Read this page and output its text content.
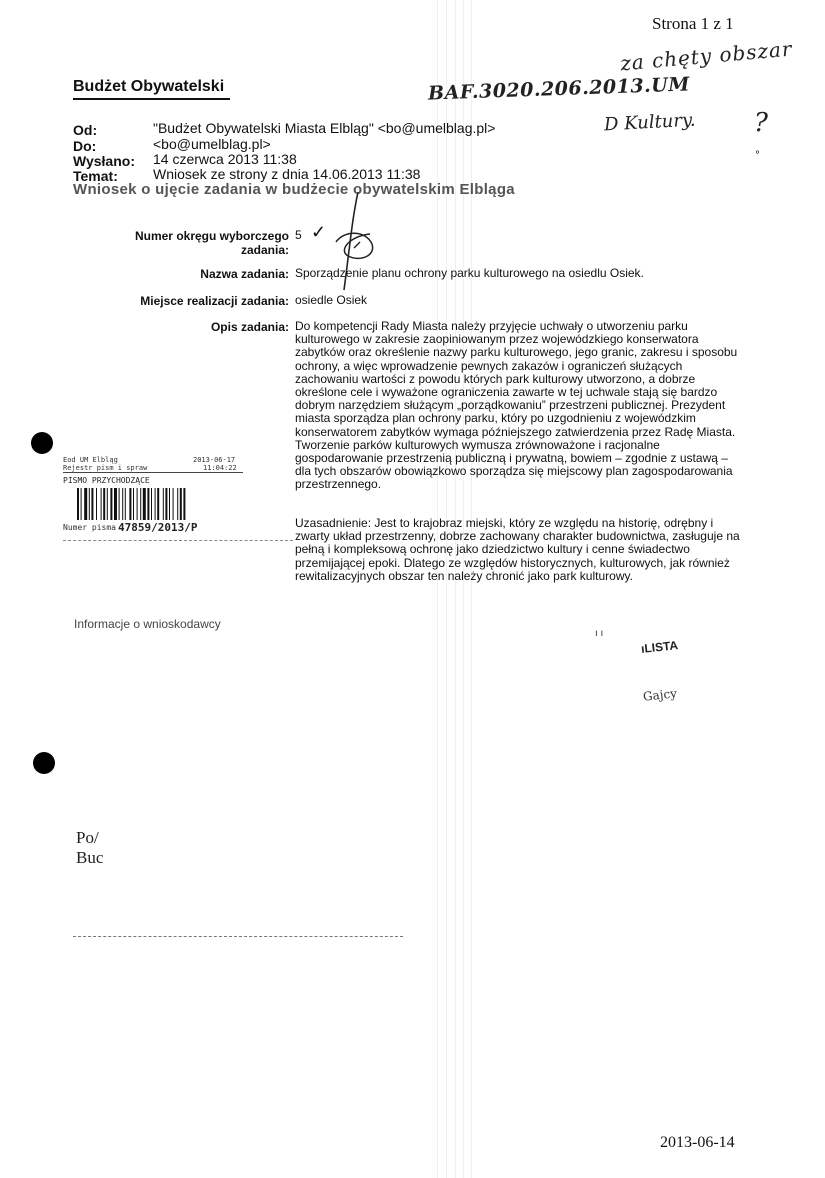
Strona 1 z 1
za chęty obszar
BAF.3020.206.2013.UM
D Kultury. ?
°
Budżet Obywatelski
Od:	"Budżet Obywatelski Miasta Elbląg" <bo@umelblag.pl>
Do:	<bo@umelblag.pl>
Wysłano: 14 czerwca 2013 11:38
Temat:	Wniosek ze strony z dnia 14.06.2013 11:38
Wniosek o ujęcie zadania w budżecie obywatelskim Elbląga
Numer okręgu wyborczego zadania:
5 ✓
Nazwa zadania: Sporządzenie planu ochrony parku kulturowego na osiedlu Osiek.
Miejsce realizacji zadania: osiedle Osiek
Opis zadania: Do kompetencji Rady Miasta należy przyjęcie uchwały o utworzeniu parku kulturowego w zakresie zaopiniowanym przez wojewódzkiego konserwatora zabytków oraz określenie nazwy parku kulturowego, jego granic, zakresu i sposobu ochrony, a więc wprowadzenie pewnych zakazów i ograniczeń służących zachowaniu wartości z powodu których park kulturowy utworzono, a dobrze określone cele i wyważone ograniczenia zawarte w tej uchwale stają się bardzo dobrym narzędziem służącym „porządkowaniu” przestrzeni publicznej. Prezydent miasta sporządza plan ochrony parku, który po uzgodnieniu z wojewódzkim konserwatorem zabytków wymaga późniejszego zatwierdzenia przez Radę Miasta. Tworzenie parków kulturowych wymusza zrównoważone i racjonalne gospodarowanie przestrzenią publiczną i prywatną, bowiem – zgodnie z ustawą – dla tych obszarów obowiązkowo sporządza się miejscowy plan zagospodarowania przestrzennego.
Uzasadnienie: Jest to krajobraz miejski, który ze względu na historię, odrębny i zwarty układ przestrzenny, dobrze zachowany charakter budownictwa, zasługuje na pełną i kompleksową ochronę jako dziedzictwo kultury i cenne świadectwo przemijającej epoki. Dlatego ze względów historycznych, kulturowych, jak również rewitalizacyjnych obszar ten należy chronić jako park kulturowy.
Eod UM Elbląg
Rejestr pism i spraw
2013-06-17
11:04:22
PISMO PRZYCHODZĄCE
Numer pisma 47859/2013/P
Informacje o wnioskodawcy
ı ı
ıLISTA
Gajcy
Po/
Buc
2013-06-14
